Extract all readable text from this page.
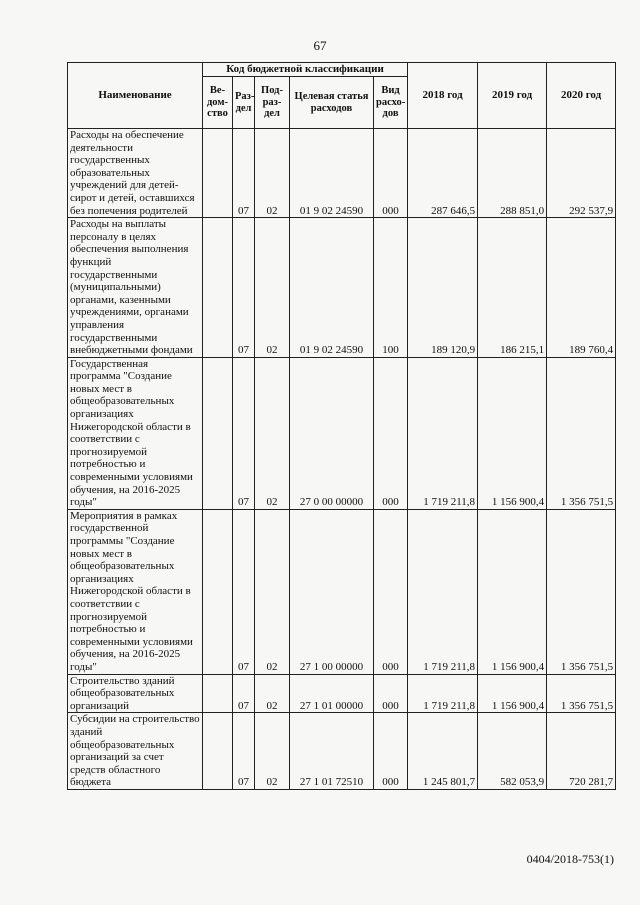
67
Наименование	Код бюджетной классификации					2018 год	2019 год	2020 год
	Ве-дом-ство	Раз-дел	Под-раз-дел	Целевая статья расходов	Вид расхо-дов			
Расходы на обеспечение деятельности государственных образовательных учреждений для детей-сирот и детей, оставшихся без попечения родителей		07	02	01 9 02 24590	000	287 646,5	288 851,0	292 537,9
Расходы на выплаты персоналу в целях обеспечения выполнения функций государственными (муниципальными) органами, казенными учреждениями, органами управления государственными внебюджетными фондами		07	02	01 9 02 24590	100	189 120,9	186 215,1	189 760,4
Государственная программа "Создание новых мест в общеобразовательных организациях Нижегородской области в соответствии с прогнозируемой потребностью и современными условиями обучения, на 2016-2025 годы"		07	02	27 0 00 00000	000	1 719 211,8	1 156 900,4	1 356 751,5
Мероприятия в рамках государственной программы "Создание новых мест в общеобразовательных организациях Нижегородской области в соответствии с прогнозируемой потребностью и современными условиями обучения, на 2016-2025 годы"		07	02	27 1 00 00000	000	1 719 211,8	1 156 900,4	1 356 751,5
Строительство зданий общеобразовательных организаций		07	02	27 1 01 00000	000	1 719 211,8	1 156 900,4	1 356 751,5
Субсидии на строительство зданий общеобразовательных организаций за счет средств областного бюджета		07	02	27 1 01 72510	000	1 245 801,7	582 053,9	720 281,7
0404/2018-753(1)
